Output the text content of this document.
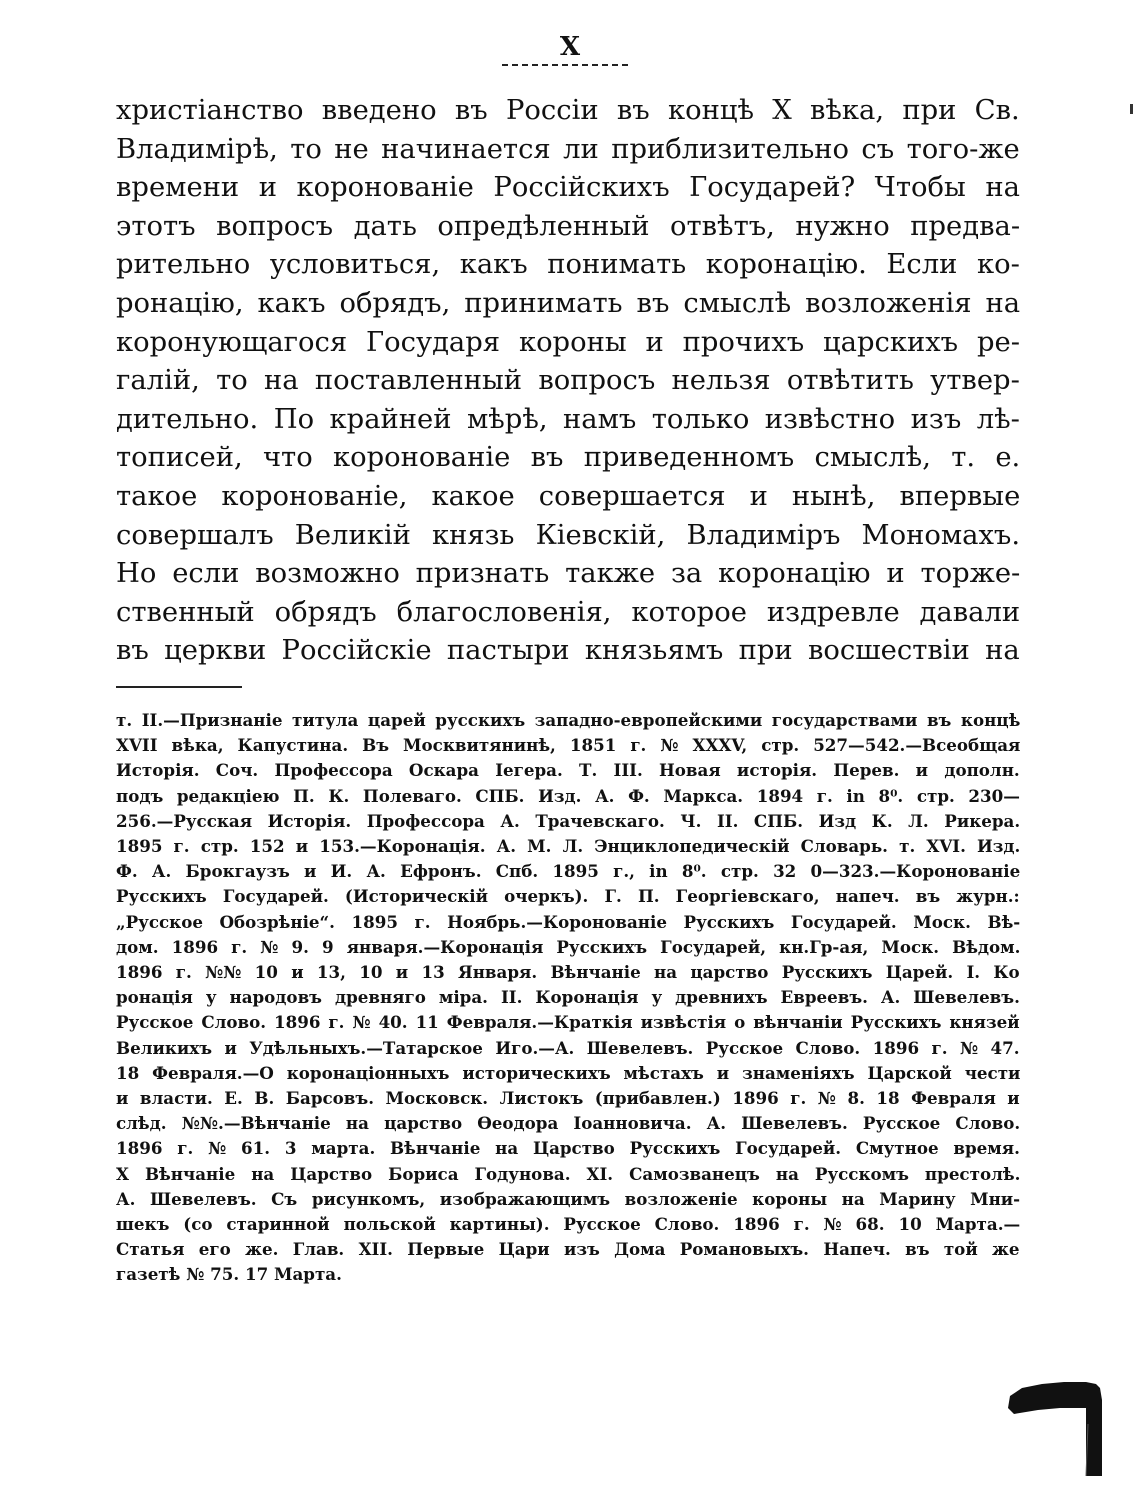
X
христіанство введено въ Россіи въ концѣ X вѣка, при Св.
Владимірѣ, то не начинается ли приблизительно съ того-же
времени и коронованіе Россійскихъ Государей? Чтобы на
этотъ вопросъ дать опредѣленный отвѣтъ, нужно предва-
рительно условиться, какъ понимать коронацію. Если ко-
ронацію, какъ обрядъ, принимать въ смыслѣ возложенія на
коронующагося Государя короны и прочихъ царскихъ ре-
галій, то на поставленный вопросъ нельзя отвѣтить утвер-
дительно. По крайней мѣрѣ, намъ только извѣстно изъ лѣ-
тописей, что коронованіе въ приведенномъ смыслѣ, т. е.
такое коронованіе, какое совершается и нынѣ, впервые
совершалъ Великій князь Кіевскій, Владиміръ Мономахъ.
Но если возможно признать также за коронацію и торже-
ственный обрядъ благословенія, которое издревле давали
въ церкви Россійскіе пастыри князьямъ при восшествіи на
т. II.—Признаніе титула царей русскихъ западно-европейскими государствами въ концѣ
XVII вѣка, Капустина. Въ Москвитянинѣ, 1851 г. № XXXV, стр. 527—542.—Всеобщая
Исторія. Соч. Профессора Оскара Іегера. Т. III. Новая исторія. Перев. и дополн.
подъ редакціею П. К. Полеваго. СПБ. Изд. А. Ф. Маркса. 1894 г. in 8⁰. стр. 230—
256.—Русская Исторія. Профессора А. Трачевскаго. Ч. II. СПБ. Изд К. Л. Рикера.
1895 г. стр. 152 и 153.—Коронація. А. М. Л. Энциклопедическій Словарь. т. XVI. Изд.
Ф. А. Брокгаузъ и И. А. Ефронъ. Спб. 1895 г., in 8⁰. стр. 32 0—323.—Коронованіе
Русскихъ Государей. (Историческій очеркъ). Г. П. Георгіевскаго, напеч. въ журн.:
„Русское Обозрѣніе“. 1895 г. Ноябрь.—Коронованіе Русскихъ Государей. Моск. Вѣ-
дом. 1896 г. № 9. 9 января.—Коронація Русскихъ Государей, кн.Гр-ая, Моск. Вѣдом.
1896 г. №№ 10 и 13, 10 и 13 Января. Вѣнчаніе на царство Русскихъ Царей. I. Ко
ронація у народовъ древняго міра. II. Коронація у древнихъ Евреевъ. А. Шевелевъ.
Русское Слово. 1896 г. № 40. 11 Февраля.—Краткія извѣстія о вѣнчаніи Русскихъ князей
Великихъ и Удѣльныхъ.—Татарское Иго.—А. Шевелевъ. Русское Слово. 1896 г. № 47.
18 Февраля.—О коронаціонныхъ историческихъ мѣстахъ и знаменіяхъ Царской чести
и власти. Е. В. Барсовъ. Московск. Листокъ (прибавлен.) 1896 г. № 8. 18 Февраля и
слѣд. №№.—Вѣнчаніе на царство Ѳеодора Іоанновича. А. Шевелевъ. Русское Слово.
1896 г. № 61. 3 марта. Вѣнчаніе на Царство Русскихъ Государей. Смутное время.
X Вѣнчаніе на Царство Бориса Годунова. XI. Самозванецъ на Русскомъ престолѣ.
А. Шевелевъ. Съ рисункомъ, изображающимъ возложеніе короны на Марину Мни-
шекъ (со старинной польской картины). Русское Слово. 1896 г. № 68. 10 Марта.—
Статья его же. Глав. XII. Первые Цари изъ Дома Романовыхъ. Напеч. въ той же
газетѣ № 75. 17 Марта.
